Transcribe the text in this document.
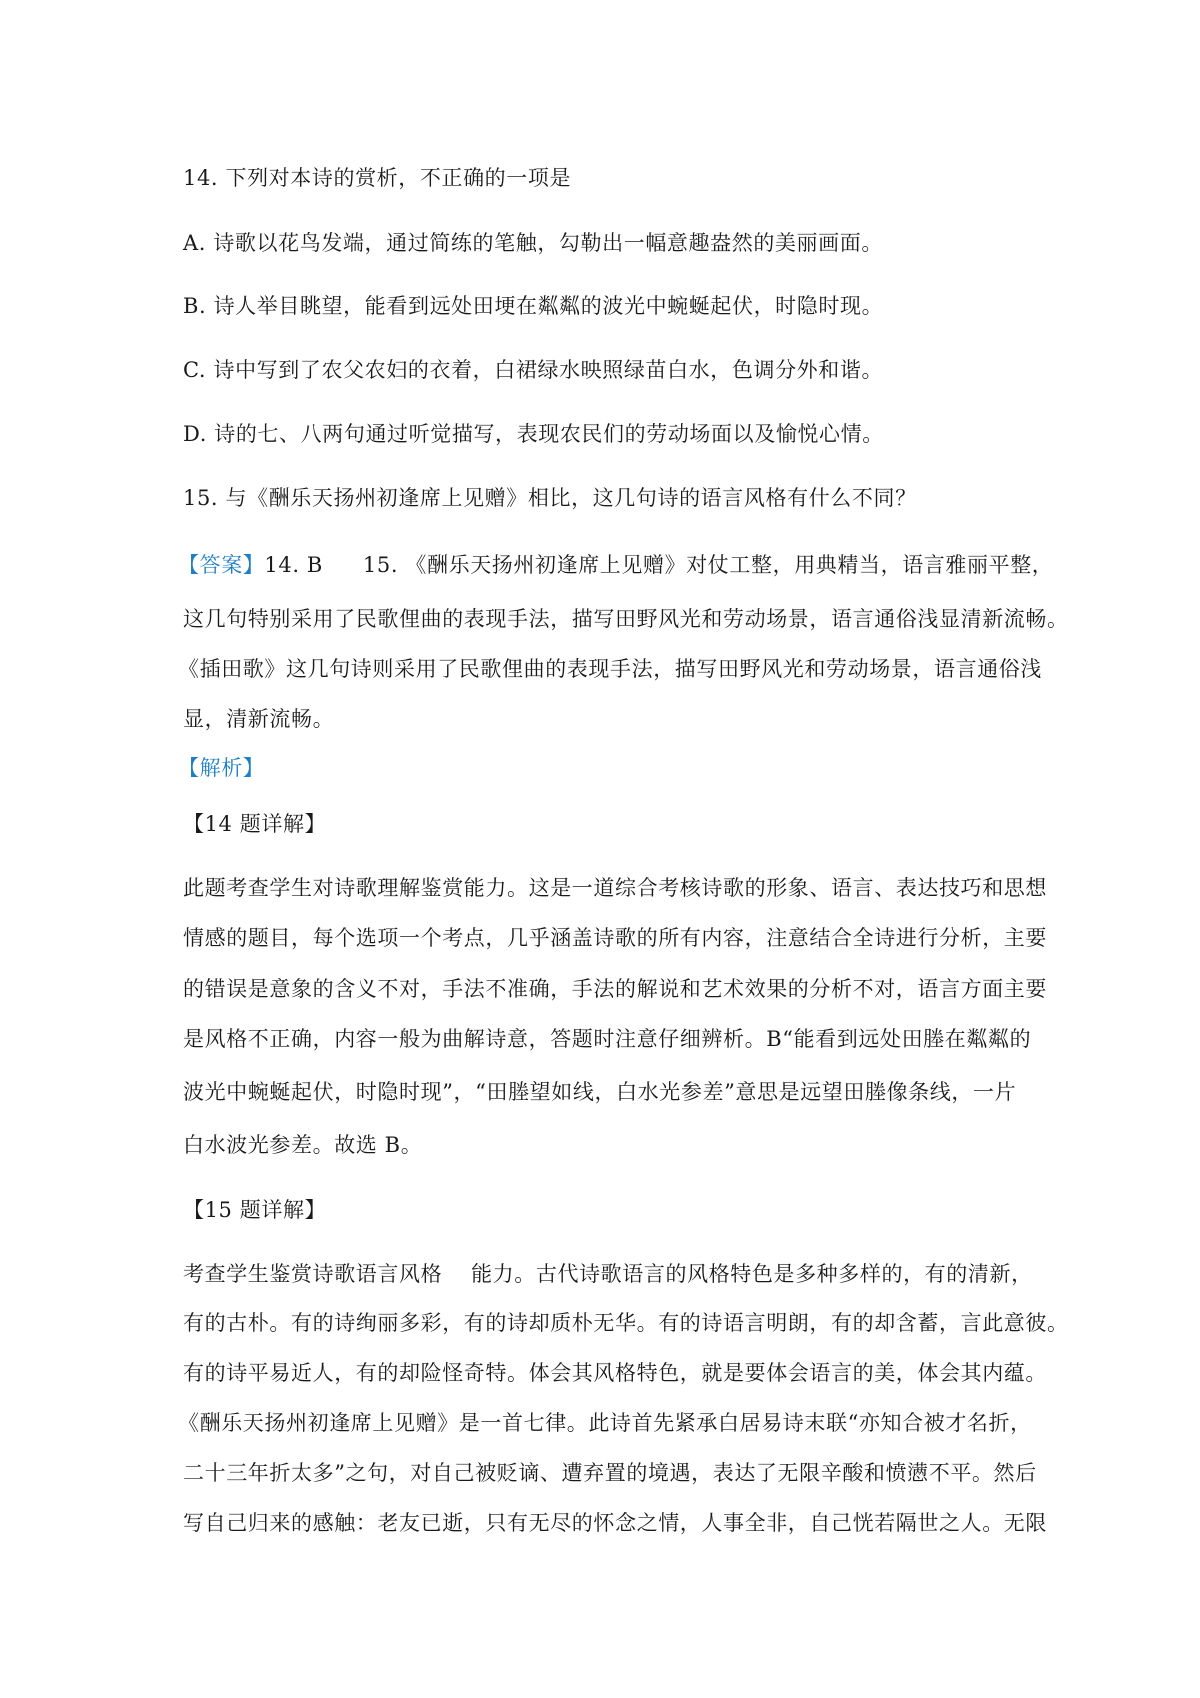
14. 下列对本诗的赏析，不正确的一项是
A. 诗歌以花鸟发端，通过简练的笔触，勾勒出一幅意趣盎然的美丽画面。
B. 诗人举目眺望，能看到远处田埂在粼粼的波光中蜿蜒起伏，时隐时现。
C. 诗中写到了农父农妇的衣着，白裙绿水映照绿苗白水，色调分外和谐。
D. 诗的七、八两句通过听觉描写，表现农民们的劳动场面以及愉悦心情。
15. 与《酬乐天扬州初逢席上见赠》相比，这几句诗的语言风格有什么不同？
【答案】14. B 15. 《酬乐天扬州初逢席上见赠》对仗工整，用典精当，语言雅丽平整，
这几句特别采用了民歌俚曲的表现手法，描写田野风光和劳动场景，语言通俗浅显清新流畅。
《插田歌》这几句诗则采用了民歌俚曲的表现手法，描写田野风光和劳动场景，语言通俗浅
显，清新流畅。
【解析】
【14 题详解】
此题考查学生对诗歌理解鉴赏能力。这是一道综合考核诗歌的形象、语言、表达技巧和思想
情感的题目，每个选项一个考点，几乎涵盖诗歌的所有内容，注意结合全诗进行分析，主要
的错误是意象的含义不对，手法不准确，手法的解说和艺术效果的分析不对，语言方面主要
是风格不正确，内容一般为曲解诗意，答题时注意仔细辨析。B“能看到远处田塍在粼粼的
波光中蜿蜒起伏，时隐时现”，“田塍望如线，白水光参差”意思是远望田塍像条线，一片
白水波光参差。故选 B。
【15 题详解】
考查学生鉴赏诗歌语言风格　 能力。古代诗歌语言的风格特色是多种多样的，有的清新，
有的古朴。有的诗绚丽多彩，有的诗却质朴无华。有的诗语言明朗，有的却含蓄，言此意彼。
有的诗平易近人，有的却险怪奇特。体会其风格特色，就是要体会语言的美，体会其内蕴。
《酬乐天扬州初逢席上见赠》是一首七律。此诗首先紧承白居易诗末联“亦知合被才名折，
二十三年折太多”之句，对自己被贬谪、遭弃置的境遇，表达了无限辛酸和愤懑不平。然后
写自己归来的感触：老友已逝，只有无尽的怀念之情，人事全非，自己恍若隔世之人。无限
